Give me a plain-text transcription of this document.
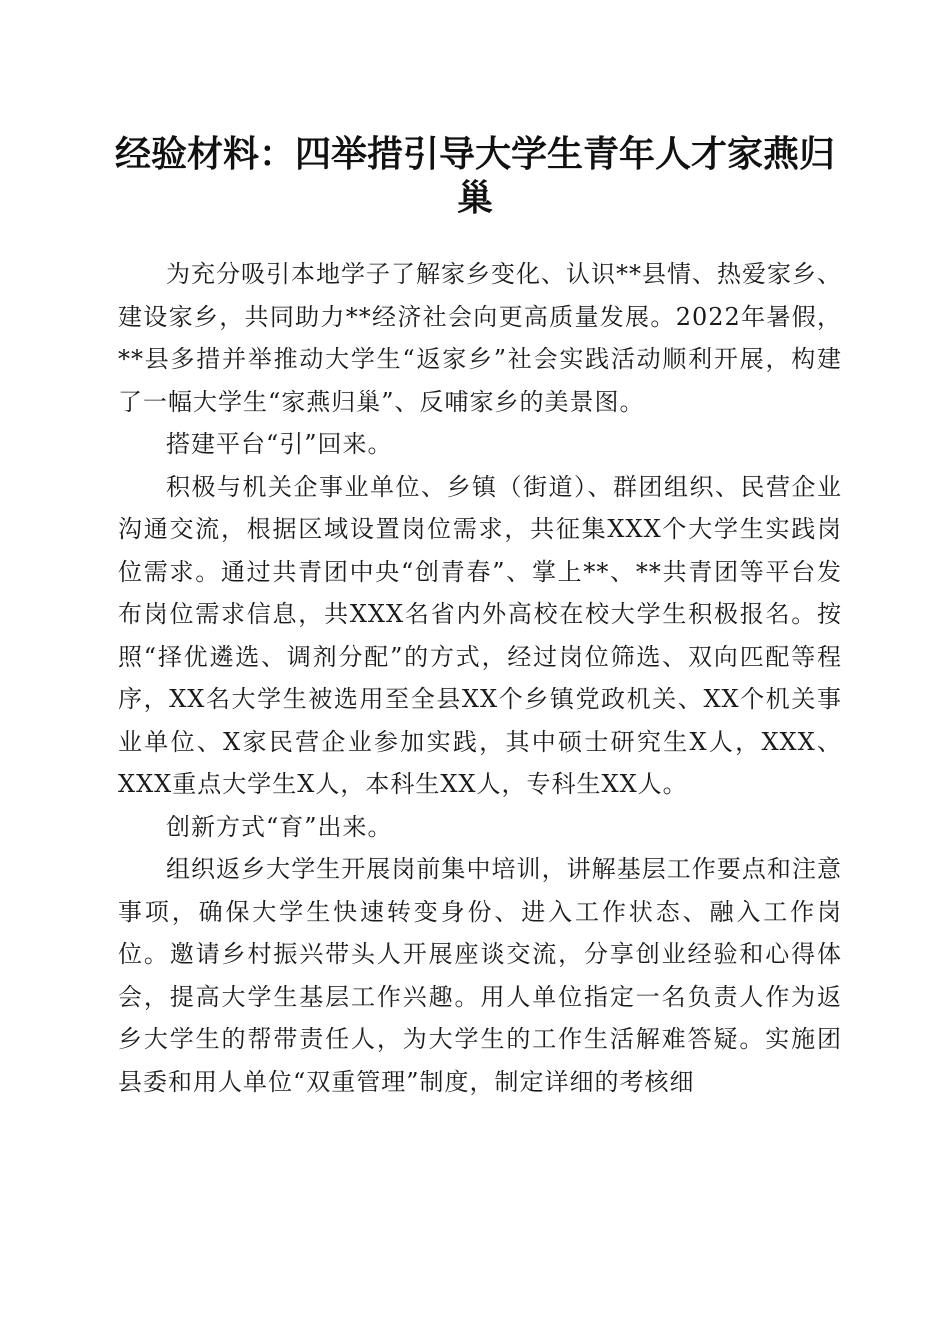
经验材料：四举措引导大学生青年人才家燕归巢

为充分吸引本地学子了解家乡变化、认识**县情、热爱家乡、建设家乡，共同助力**经济社会向更高质量发展。2022年暑假，**县多措并举推动大学生“返家乡”社会实践活动顺利开展，构建了一幅大学生“家燕归巢”、反哺家乡的美景图。

搭建平台“引”回来。

积极与机关企事业单位、乡镇（街道）、群团组织、民营企业沟通交流，根据区域设置岗位需求，共征集XXX个大学生实践岗位需求。通过共青团中央“创青春”、掌上**、**共青团等平台发布岗位需求信息，共XXX名省内外高校在校大学生积极报名。按照“择优遴选、调剂分配”的方式，经过岗位筛选、双向匹配等程序，XX名大学生被选用至全县XX个乡镇党政机关、XX个机关事业单位、X家民营企业参加实践，其中硕士研究生X人，XXX、XXX重点大学生X人，本科生XX人，专科生XX人。

创新方式“育”出来。

组织返乡大学生开展岗前集中培训，讲解基层工作要点和注意事项，确保大学生快速转变身份、进入工作状态、融入工作岗位。邀请乡村振兴带头人开展座谈交流，分享创业经验和心得体会，提高大学生基层工作兴趣。用人单位指定一名负责人作为返乡大学生的帮带责任人，为大学生的工作生活解难答疑。实施团县委和用人单位“双重管理”制度，制定详细的考核细
